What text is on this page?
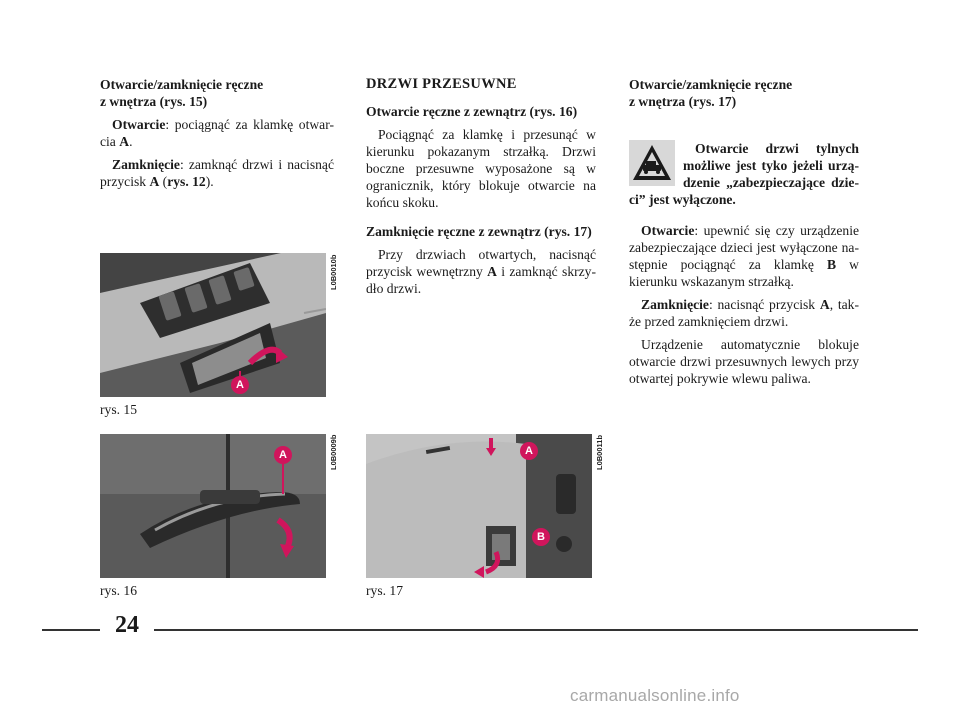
Otwarcie/zamknięcie ręczne
z wnętrza (rys. 15)

Otwarcie: pociągnąć za klamkę otwar-cia A.

Zamknięcie: zamknąć drzwi i nacisnąć przycisk A (rys. 12).

DRZWI PRZESUWNE
Otwarcie ręczne z zewnątrz (rys. 16)

Pociągnąć za klamkę i przesunąć w kierunku pokazanym strzałką. Drzwi boczne przesuwne wyposażone są w ogranicznik, który blokuje otwarcie na końcu skoku.

Zamknięcie ręczne z zewnątrz (rys. 17)

Przy drzwiach otwartych, nacisnąć przycisk wewnętrzny A i zamknąć skrzy-dło drzwi.

Otwarcie/zamknięcie ręczne
z wnętrza (rys. 17)
Otwarcie drzwi tylnych możliwe jest tyko jeżeli urzą-dzenie „zabezpieczające dzie-ci” jest wyłączone.

Otwarcie: upewnić się czy urządzenie zabezpieczające dzieci jest wyłączone na-stępnie pociągnąć za klamkę B w kierunku wskazanym strzałką.

Zamknięcie: nacisnąć przycisk A, tak-że przed zamknięciem drzwi.

Urządzenie automatycznie blokuje otwarcie drzwi przesuwnych lewych przy otwartej pokrywie wlewu paliwa.

A
L0B0010b
rys. 15
A	L0B0009b
rys. 16
A
B
L0B0011b
rys. 17
24
carmanualsonline.info
